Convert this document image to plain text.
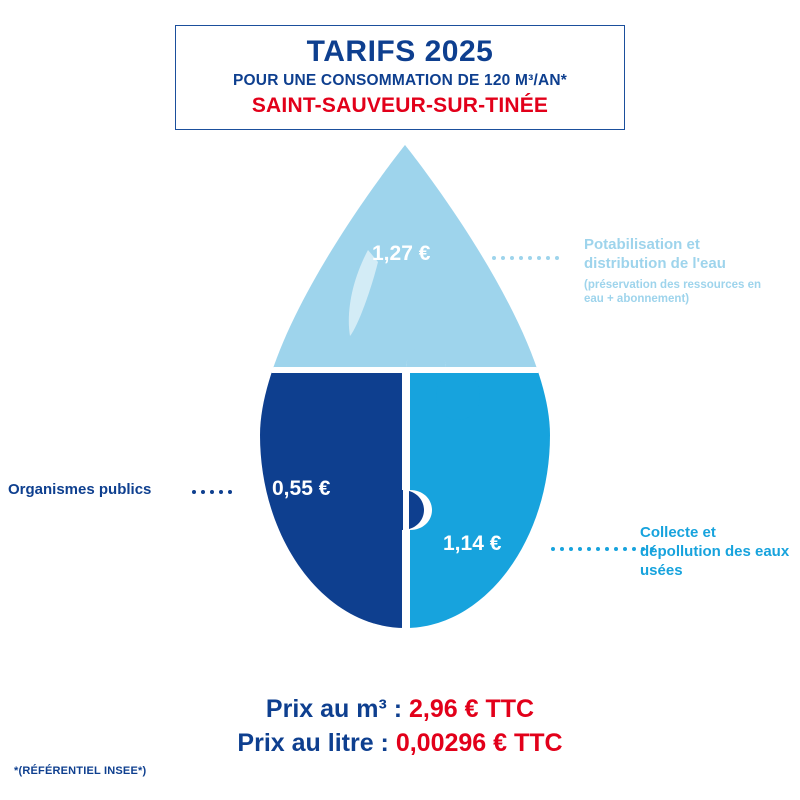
TARIFS 2025
POUR UNE CONSOMMATION DE 120 M³/AN*
SAINT-SAUVEUR-SUR-TINÉE
1,27 €
0,55 €
1,14 €
Potabilisation et distribution de l'eau
(préservation des ressources en eau + abonnement)
Collecte et dépollution des eaux usées
Organismes publics
Prix au m³ : 2,96 € TTC
Prix au litre : 0,00296 € TTC
*(RÉFÉRENTIEL INSEE*)
